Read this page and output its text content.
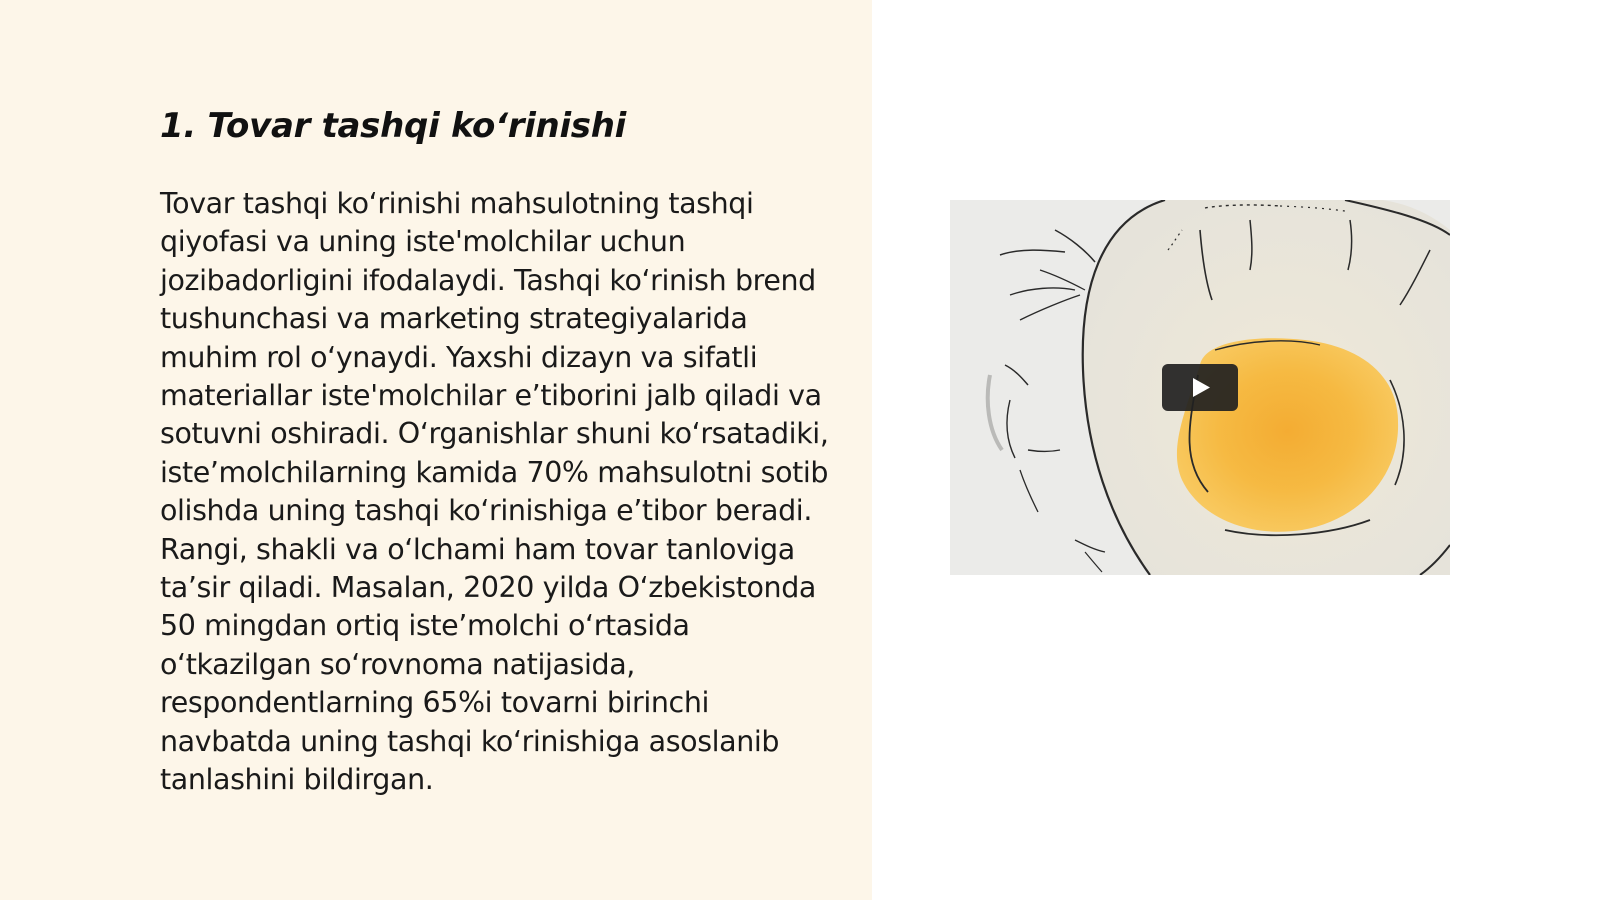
1. Tovar tashqi ko‘rinishi

Tovar tashqi ko‘rinishi mahsulotning tashqi qiyofasi va uning iste'molchilar uchun jozibadorligini ifodalaydi. Tashqi ko‘rinish brend tushunchasi va marketing strategiyalarida muhim rol o‘ynaydi. Yaxshi dizayn va sifatli materiallar iste'molchilar e’tiborini jalb qiladi va sotuvni oshiradi. O‘rganishlar shuni ko‘rsatadiki, iste’molchilarning kamida 70% mahsulotni sotib olishda uning tashqi ko‘rinishiga e’tibor beradi. Rangi, shakli va o‘lchami ham tovar tanloviga ta’sir qiladi. Masalan, 2020 yilda O‘zbekistonda 50 mingdan ortiq iste’molchi o‘rtasida o‘tkazilgan so‘rovnoma natijasida, respondentlarning 65%i tovarni birinchi navbatda uning tashqi ko‘rinishiga asoslanib tanlashini bildirgan.
